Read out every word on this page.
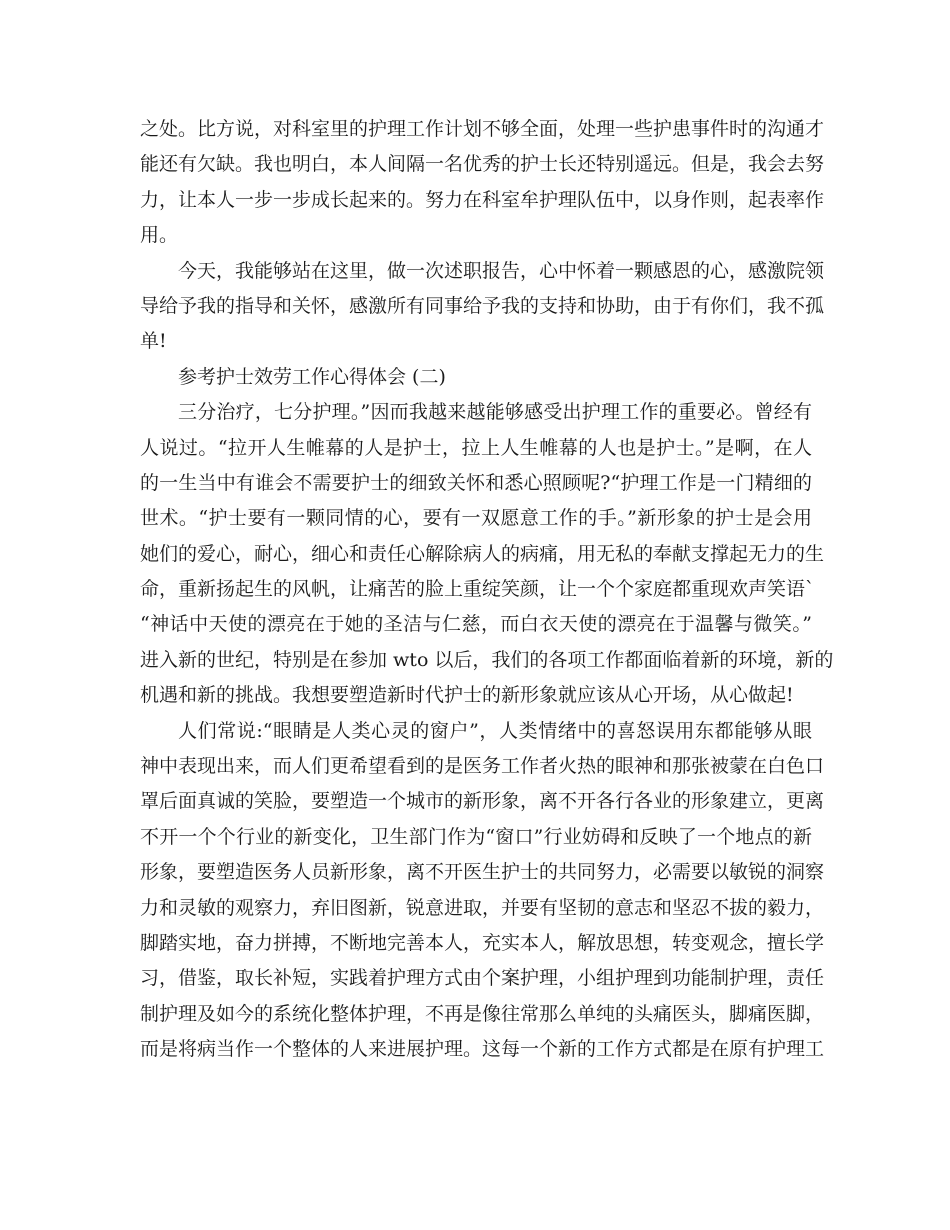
之处。比方说，对科室里的护理工作计划不够全面，处理一些护患事件时的沟通才
能还有欠缺。我也明白，本人间隔一名优秀的护士长还特别遥远。但是，我会去努
力，让本人一步一步成长起来的。努力在科室牟护理队伍中，以身作则，起表率作
用。
今天，我能够站在这里，做一次述职报告，心中怀着一颗感恩的心，感激院领
导给予我的指导和关怀，感激所有同事给予我的支持和协助，由于有你们，我不孤
单!
参考护士效劳工作心得体会 (二)
三分治疗，七分护理。”因而我越来越能够感受出护理工作的重要必。曾经有
人说过。“拉开人生帷幕的人是护士，拉上人生帷幕的人也是护士。”是啊，在人
的一生当中有谁会不需要护士的细致关怀和悉心照顾呢?“护理工作是一门精细的
世术。“护士要有一颗同情的心，要有一双愿意工作的手。”新形象的护士是会用
她们的爱心，耐心，细心和责任心解除病人的病痛，用无私的奉献支撑起无力的生
命，重新扬起生的风帆，让痛苦的脸上重绽笑颜，让一个个家庭都重现欢声笑语`
“神话中天使的漂亮在于她的圣洁与仁慈，而白衣天使的漂亮在于温馨与微笑。”
进入新的世纪，特别是在参加 wto 以后，我们的各项工作都面临着新的环境，新的
机遇和新的挑战。我想要塑造新时代护士的新形象就应该从心开场，从心做起!
人们常说:“眼睛是人类心灵的窗户”，人类情绪中的喜怒误用东都能够从眼
神中表现出来，而人们更希望看到的是医务工作者火热的眼神和那张被蒙在白色口
罩后面真诚的笑脸，要塑造一个城市的新形象，离不开各行各业的形象建立，更离
不开一个个行业的新变化，卫生部门作为“窗口”行业妨碍和反映了一个地点的新
形象，要塑造医务人员新形象，离不开医生护士的共同努力，必需要以敏锐的洞察
力和灵敏的观察力，弃旧图新，锐意进取，并要有坚韧的意志和坚忍不拔的毅力，
脚踏实地，奋力拼搏，不断地完善本人，充实本人，解放思想，转变观念，擅长学
习，借鉴，取长补短，实践着护理方式由个案护理，小组护理到功能制护理，责任
制护理及如今的系统化整体护理，不再是像往常那么单纯的头痛医头，脚痛医脚，
而是将病当作一个整体的人来进展护理。这每一个新的工作方式都是在原有护理工
